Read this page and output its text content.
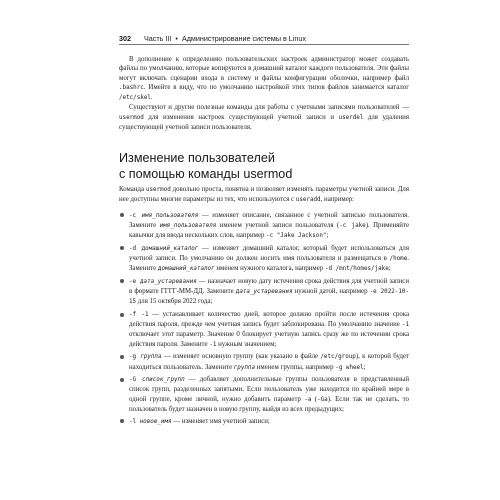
302	Часть III • Администрирование системы в Linux

В дополнение к определению пользовательских настроек администратор может создавать файлы по умолчанию, которые копируются в домашний каталог каждого пользователя. Эти файлы могут включать сценарии входа в систему и файлы конфигурации оболочки, например файл .bashrc. Имейте в виду, что по умолчанию настройкой этих типов файлов занимается каталог /etc/skel.

Существуют и другие полезные команды для работы с учетными записями пользователей — usermod для изменения настроек существующей учетной записи и userdel для удаления существующей учетной записи пользователя.

Изменение пользователей
с помощью команды usermod

Команда usermod довольно проста, понятна и позволяет изменять параметры учетной записи. Для нее доступны многие параметры из тех, что используются с useradd, например:

-c имя_пользователя — изменяет описание, связанное с учетной записью пользователя. Замените имя_пользователя именем учетной записи пользователя (-c jake). Применяйте кавычки для ввода нескольких слов, например -c "Jake Jackson";
-d домашний_каталог — изменяет домашний каталог, который будет использоваться для учетной записи. По умолчанию он должен носить имя пользователя и размещаться в /home. Замените домашний_каталог именем нужного каталога, например -d /mnt/homes/jake;
-e дата_устаревания — назначает новую дату истечения срока действия для учетной записи в формате ГГГГ-ММ-ДД. Замените дата_устаревания нужной датой, например -e 2022-10-15 для 15 октября 2022 года;
-f -1 — устанавливает количество дней, которое должно пройти после истечения срока действия пароля, прежде чем учетная запись будет заблокирована. По умолчанию значение -1 отключает этот параметр. Значение 0 блокирует учетную запись сразу же по истечении срока действия пароля. Замените -1 нужным значением;
-g группа — изменяет основную группу (как указано в файле /etc/group), к которой будет находиться пользователь. Замените группа именем группы, например -g wheel;
-G список_групп — добавляет дополнительные группы пользователя в представленный список групп, разделенных запятыми. Если пользователь уже находится по крайней мере в одной группе, кроме личной, нужно добавить параметр -a (-Ga). Если так не сделать, то пользователь будет назначен в новую группу, выйдя из всех предыдущих;
-l новое_имя — изменяет имя учетной записи;
